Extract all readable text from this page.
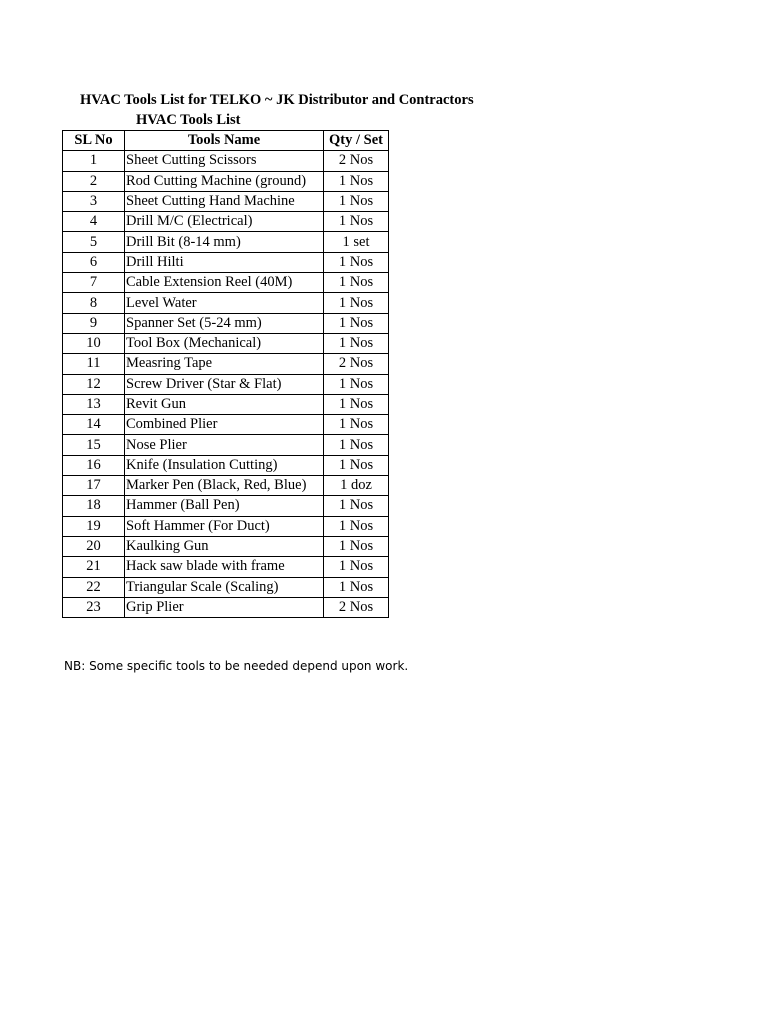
HVAC Tools List for TELKO ~ JK Distributor and Contractors
HVAC Tools List
SL No	Tools Name	Qty / Set
1	Sheet Cutting Scissors	2 Nos
2	Rod Cutting Machine (ground)	1 Nos
3	Sheet Cutting Hand Machine	1 Nos
4	Drill M/C (Electrical)	1 Nos
5	Drill Bit (8-14 mm)	1 set
6	Drill Hilti	1 Nos
7	Cable Extension Reel (40M)	1 Nos
8	Level Water	1 Nos
9	Spanner Set (5-24 mm)	1 Nos
10	Tool Box (Mechanical)	1 Nos
11	Measring Tape	2 Nos
12	Screw Driver (Star & Flat)	1 Nos
13	Revit Gun	1 Nos
14	Combined Plier	1 Nos
15	Nose Plier	1 Nos
16	Knife (Insulation Cutting)	1 Nos
17	Marker Pen (Black, Red, Blue)	1 doz
18	Hammer (Ball Pen)	1 Nos
19	Soft Hammer (For Duct)	1 Nos
20	Kaulking Gun	1 Nos
21	Hack saw blade with frame	1 Nos
22	Triangular Scale (Scaling)	1 Nos
23	Grip Plier	2 Nos
NB: Some specific tools to be needed depend upon work.
